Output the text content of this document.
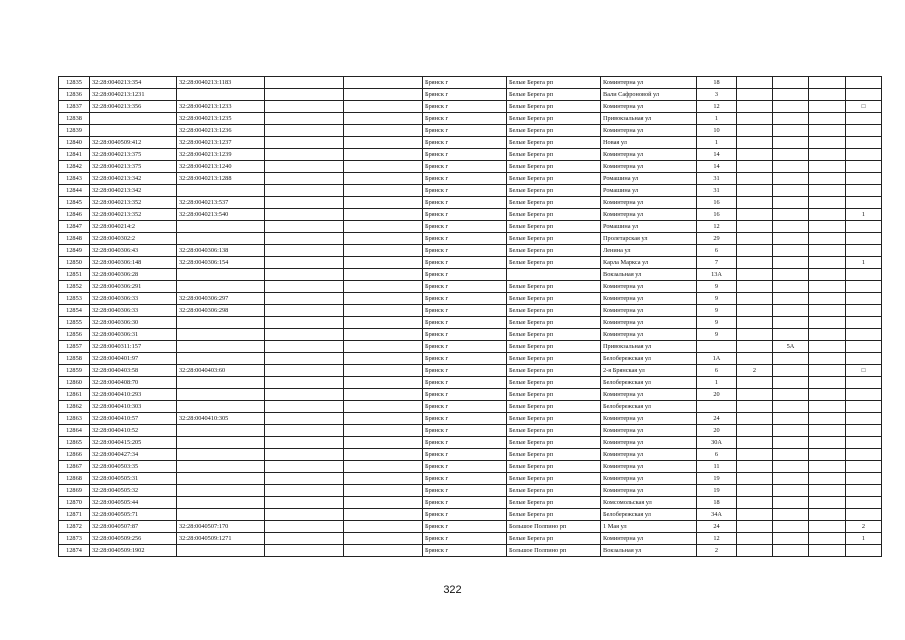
12835	32:28:0040213:354	32:28:0040213:1183			Брянск г	Белые Берега рп	Коминтерна ул	18				
12836	32:28:0040213:1231				Брянск г	Белые Берега рп	Вали Сафроновой ул	3				
12837	32:28:0040213:356	32:28:0040213:1233			Брянск г	Белые Берега рп	Коминтерна ул	12				□
12838		32:28:0040213:1235			Брянск г	Белые Берега рп	Привокзальная ул	1				
12839		32:28:0040213:1236			Брянск г	Белые Берега рп	Коминтерна ул	10				
12840	32:28:0040509:412	32:28:0040213:1237			Брянск г	Белые Берега рп	Новая ул	1				
12841	32:28:0040213:375	32:28:0040213:1239			Брянск г	Белые Берега рп	Коминтерна ул	14				
12842	32:28:0040213:375	32:28:0040213:1240			Брянск г	Белые Берега рп	Коминтерна ул	14				
12843	32:28:0040213:342	32:28:0040213:1288			Брянск г	Белые Берега рп	Ромашина ул	31				
12844	32:28:0040213:342				Брянск г	Белые Берега рп	Ромашина ул	31				
12845	32:28:0040213:352	32:28:0040213:537			Брянск г	Белые Берега рп	Коминтерна ул	16				
12846	32:28:0040213:352	32:28:0040213:540			Брянск г	Белые Берега рп	Коминтерна ул	16				1
12847	32:28:0040214:2				Брянск г	Белые Берега рп	Ромашина ул	12				
12848	32:28:0040302:2				Брянск г	Белые Берега рп	Пролетарская ул	29				
12849	32:28:0040306:43	32:28:0040306:138			Брянск г	Белые Берега рп	Ленина ул	6				
12850	32:28:0040306:148	32:28:0040306:154			Брянск г	Белые Берега рп	Карла Маркса ул	7				1
12851	32:28:0040306:28				Брянск г		Вокзальная ул	13А				
12852	32:28:0040306:291				Брянск г	Белые Берега рп	Коминтерна ул	9				
12853	32:28:0040306:33	32:28:0040306:297			Брянск г	Белые Берега рп	Коминтерна ул	9				
12854	32:28:0040306:33	32:28:0040306:298			Брянск г	Белые Берега рп	Коминтерна ул	9				
12855	32:28:0040306:30				Брянск г	Белые Берега рп	Коминтерна ул	9				
12856	32:28:0040306:31				Брянск г	Белые Берега рп	Коминтерна ул	9				
12857	32:28:0040311:157				Брянск г	Белые Берега рп	Привокзальная ул			5А		
12858	32:28:0040401:97				Брянск г	Белые Берега рп	Белобережская ул	1А				
12859	32:28:0040403:58	32:28:0040403:60			Брянск г	Белые Берега рп	2-я Брянская ул	6	2			□
12860	32:28:0040408:70				Брянск г	Белые Берега рп	Белобережская ул	1				
12861	32:28:0040410:293				Брянск г	Белые Берега рп	Коминтерна ул	20				
12862	32:28:0040410:303				Брянск г	Белые Берега рп	Белобережская ул					
12863	32:28:0040410:57	32:28:0040410:305			Брянск г	Белые Берега рп	Коминтерна ул	24				
12864	32:28:0040410:52				Брянск г	Белые Берега рп	Коминтерна ул	20				
12865	32:28:0040415:205				Брянск г	Белые Берега рп	Коминтерна ул	30А				
12866	32:28:0040427:34				Брянск г	Белые Берега рп	Коминтерна ул	6				
12867	32:28:0040503:35				Брянск г	Белые Берега рп	Коминтерна ул	11				
12868	32:28:0040505:31				Брянск г	Белые Берега рп	Коминтерна ул	19				
12869	32:28:0040505:32				Брянск г	Белые Берега рп	Коминтерна ул	19				
12870	32:28:0040505:44				Брянск г	Белые Берега рп	Комсомольская ул	18				
12871	32:28:0040505:71				Брянск г	Белые Берега рп	Белобережская ул	34А				
12872	32:28:0040507:87	32:28:0040507:170			Брянск г	Большое Полпино рп	1 Мая ул	24				2
12873	32:28:0040509:256	32:28:0040509:1271			Брянск г	Белые Берега рп	Коминтерна ул	12				1
12874	32:28:0040509:1902				Брянск г	Большое Полпино рп	Вокзальная ул	2				
322
